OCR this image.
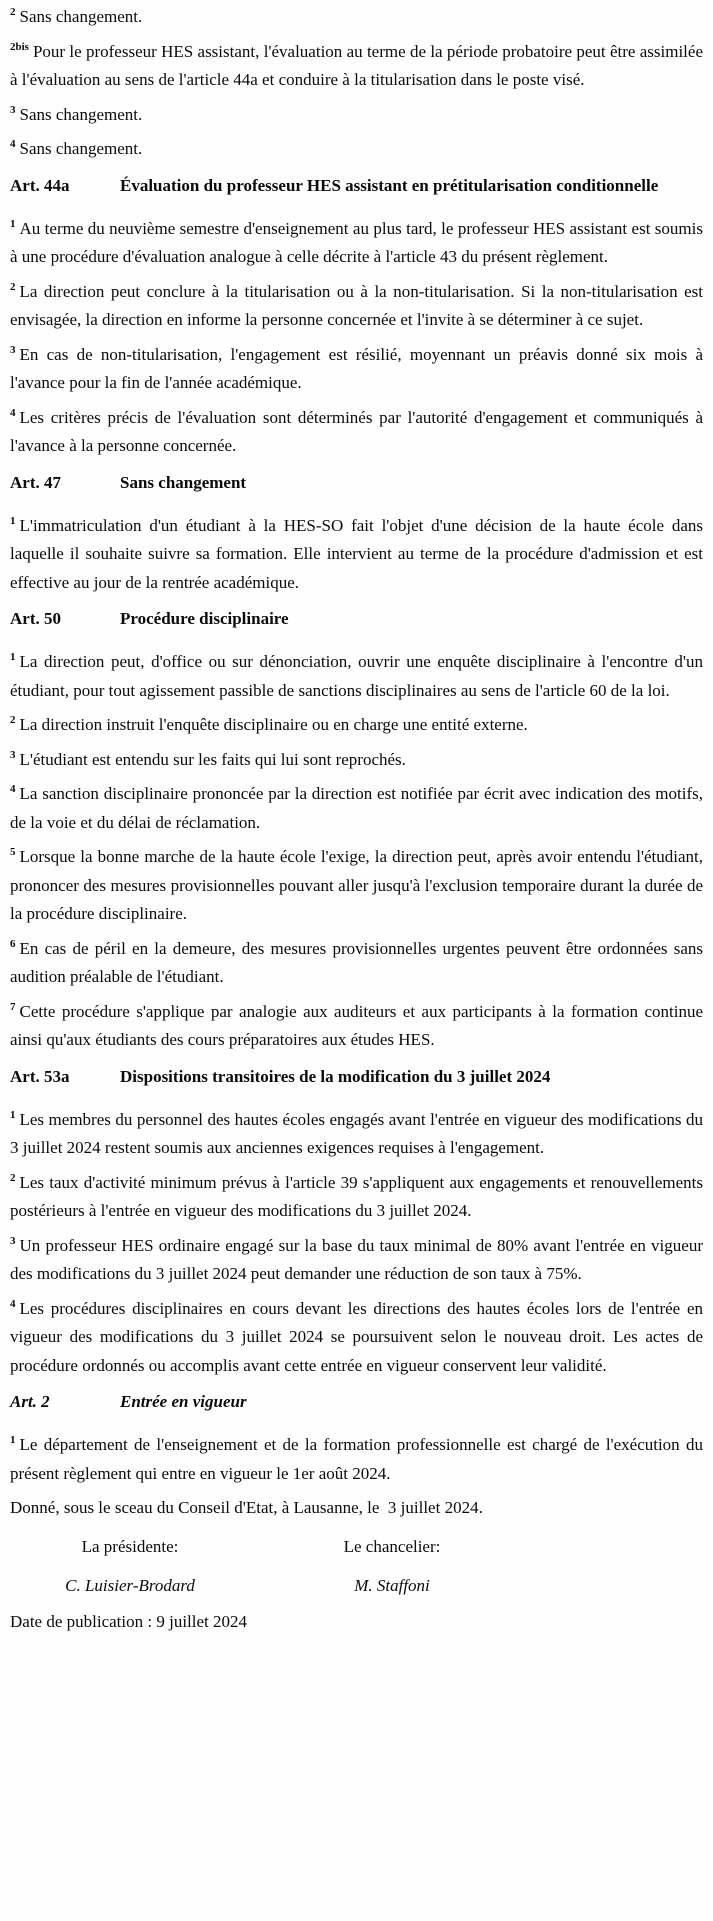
$^2$ Sans changement.

$^{2bis}$ Pour le professeur HES assistant, l'évaluation au terme de la période probatoire peut être assimilée à l'évaluation au sens de l'article 44a et conduire à la titularisation dans le poste visé.

$^3$ Sans changement.

$^4$ Sans changement.

Art. 44a	Évaluation du professeur HES assistant en prétitularisation conditionnelle

$^1$ Au terme du neuvième semestre d'enseignement au plus tard, le professeur HES assistant est soumis à une procédure d'évaluation analogue à celle décrite à l'article 43 du présent règlement.

$^2$ La direction peut conclure à la titularisation ou à la non-titularisation. Si la non-titularisation est envisagée, la direction en informe la personne concernée et l'invite à se déterminer à ce sujet.

$^3$ En cas de non-titularisation, l'engagement est résilié, moyennant un préavis donné six mois à l'avance pour la fin de l'année académique.

$^4$ Les critères précis de l'évaluation sont déterminés par l'autorité d'engagement et communiqués à l'avance à la personne concernée.

Art. 47	Sans changement

$^1$ L'immatriculation d'un étudiant à la HES-SO fait l'objet d'une décision de la haute école dans laquelle il souhaite suivre sa formation. Elle intervient au terme de la procédure d'admission et est effective au jour de la rentrée académique.

Art. 50	Procédure disciplinaire

$^1$ La direction peut, d'office ou sur dénonciation, ouvrir une enquête disciplinaire à l'encontre d'un étudiant, pour tout agissement passible de sanctions disciplinaires au sens de l'article 60 de la loi.

$^2$ La direction instruit l'enquête disciplinaire ou en charge une entité externe.

$^3$ L'étudiant est entendu sur les faits qui lui sont reprochés.

$^4$ La sanction disciplinaire prononcée par la direction est notifiée par écrit avec indication des motifs, de la voie et du délai de réclamation.

$^5$ Lorsque la bonne marche de la haute école l'exige, la direction peut, après avoir entendu l'étudiant, prononcer des mesures provisionnelles pouvant aller jusqu'à l'exclusion temporaire durant la durée de la procédure disciplinaire.

$^6$ En cas de péril en la demeure, des mesures provisionnelles urgentes peuvent être ordonnées sans audition préalable de l'étudiant.

$^7$ Cette procédure s'applique par analogie aux auditeurs et aux participants à la formation continue ainsi qu'aux étudiants des cours préparatoires aux études HES.

Art. 53a	Dispositions transitoires de la modification du 3 juillet 2024

$^1$ Les membres du personnel des hautes écoles engagés avant l'entrée en vigueur des modifications du 3 juillet 2024 restent soumis aux anciennes exigences requises à l'engagement.

$^2$ Les taux d'activité minimum prévus à l'article 39 s'appliquent aux engagements et renouvellements postérieurs à l'entrée en vigueur des modifications du 3 juillet 2024.

$^3$ Un professeur HES ordinaire engagé sur la base du taux minimal de 80% avant l'entrée en vigueur des modifications du 3 juillet 2024 peut demander une réduction de son taux à 75%.

$^4$ Les procédures disciplinaires en cours devant les directions des hautes écoles lors de l'entrée en vigueur des modifications du 3 juillet 2024 se poursuivent selon le nouveau droit. Les actes de procédure ordonnés ou accomplis avant cette entrée en vigueur conservent leur validité.

Art. 2	Entrée en vigueur

$^1$ Le département de l'enseignement et de la formation professionnelle est chargé de l'exécution du présent règlement qui entre en vigueur le 1er août 2024.

Donné, sous le sceau du Conseil d'Etat, à Lausanne, le  3 juillet 2024.

La présidente:	Le chancelier:
C. Luisier-Brodard	M. Staffoni

Date de publication : 9 juillet 2024
